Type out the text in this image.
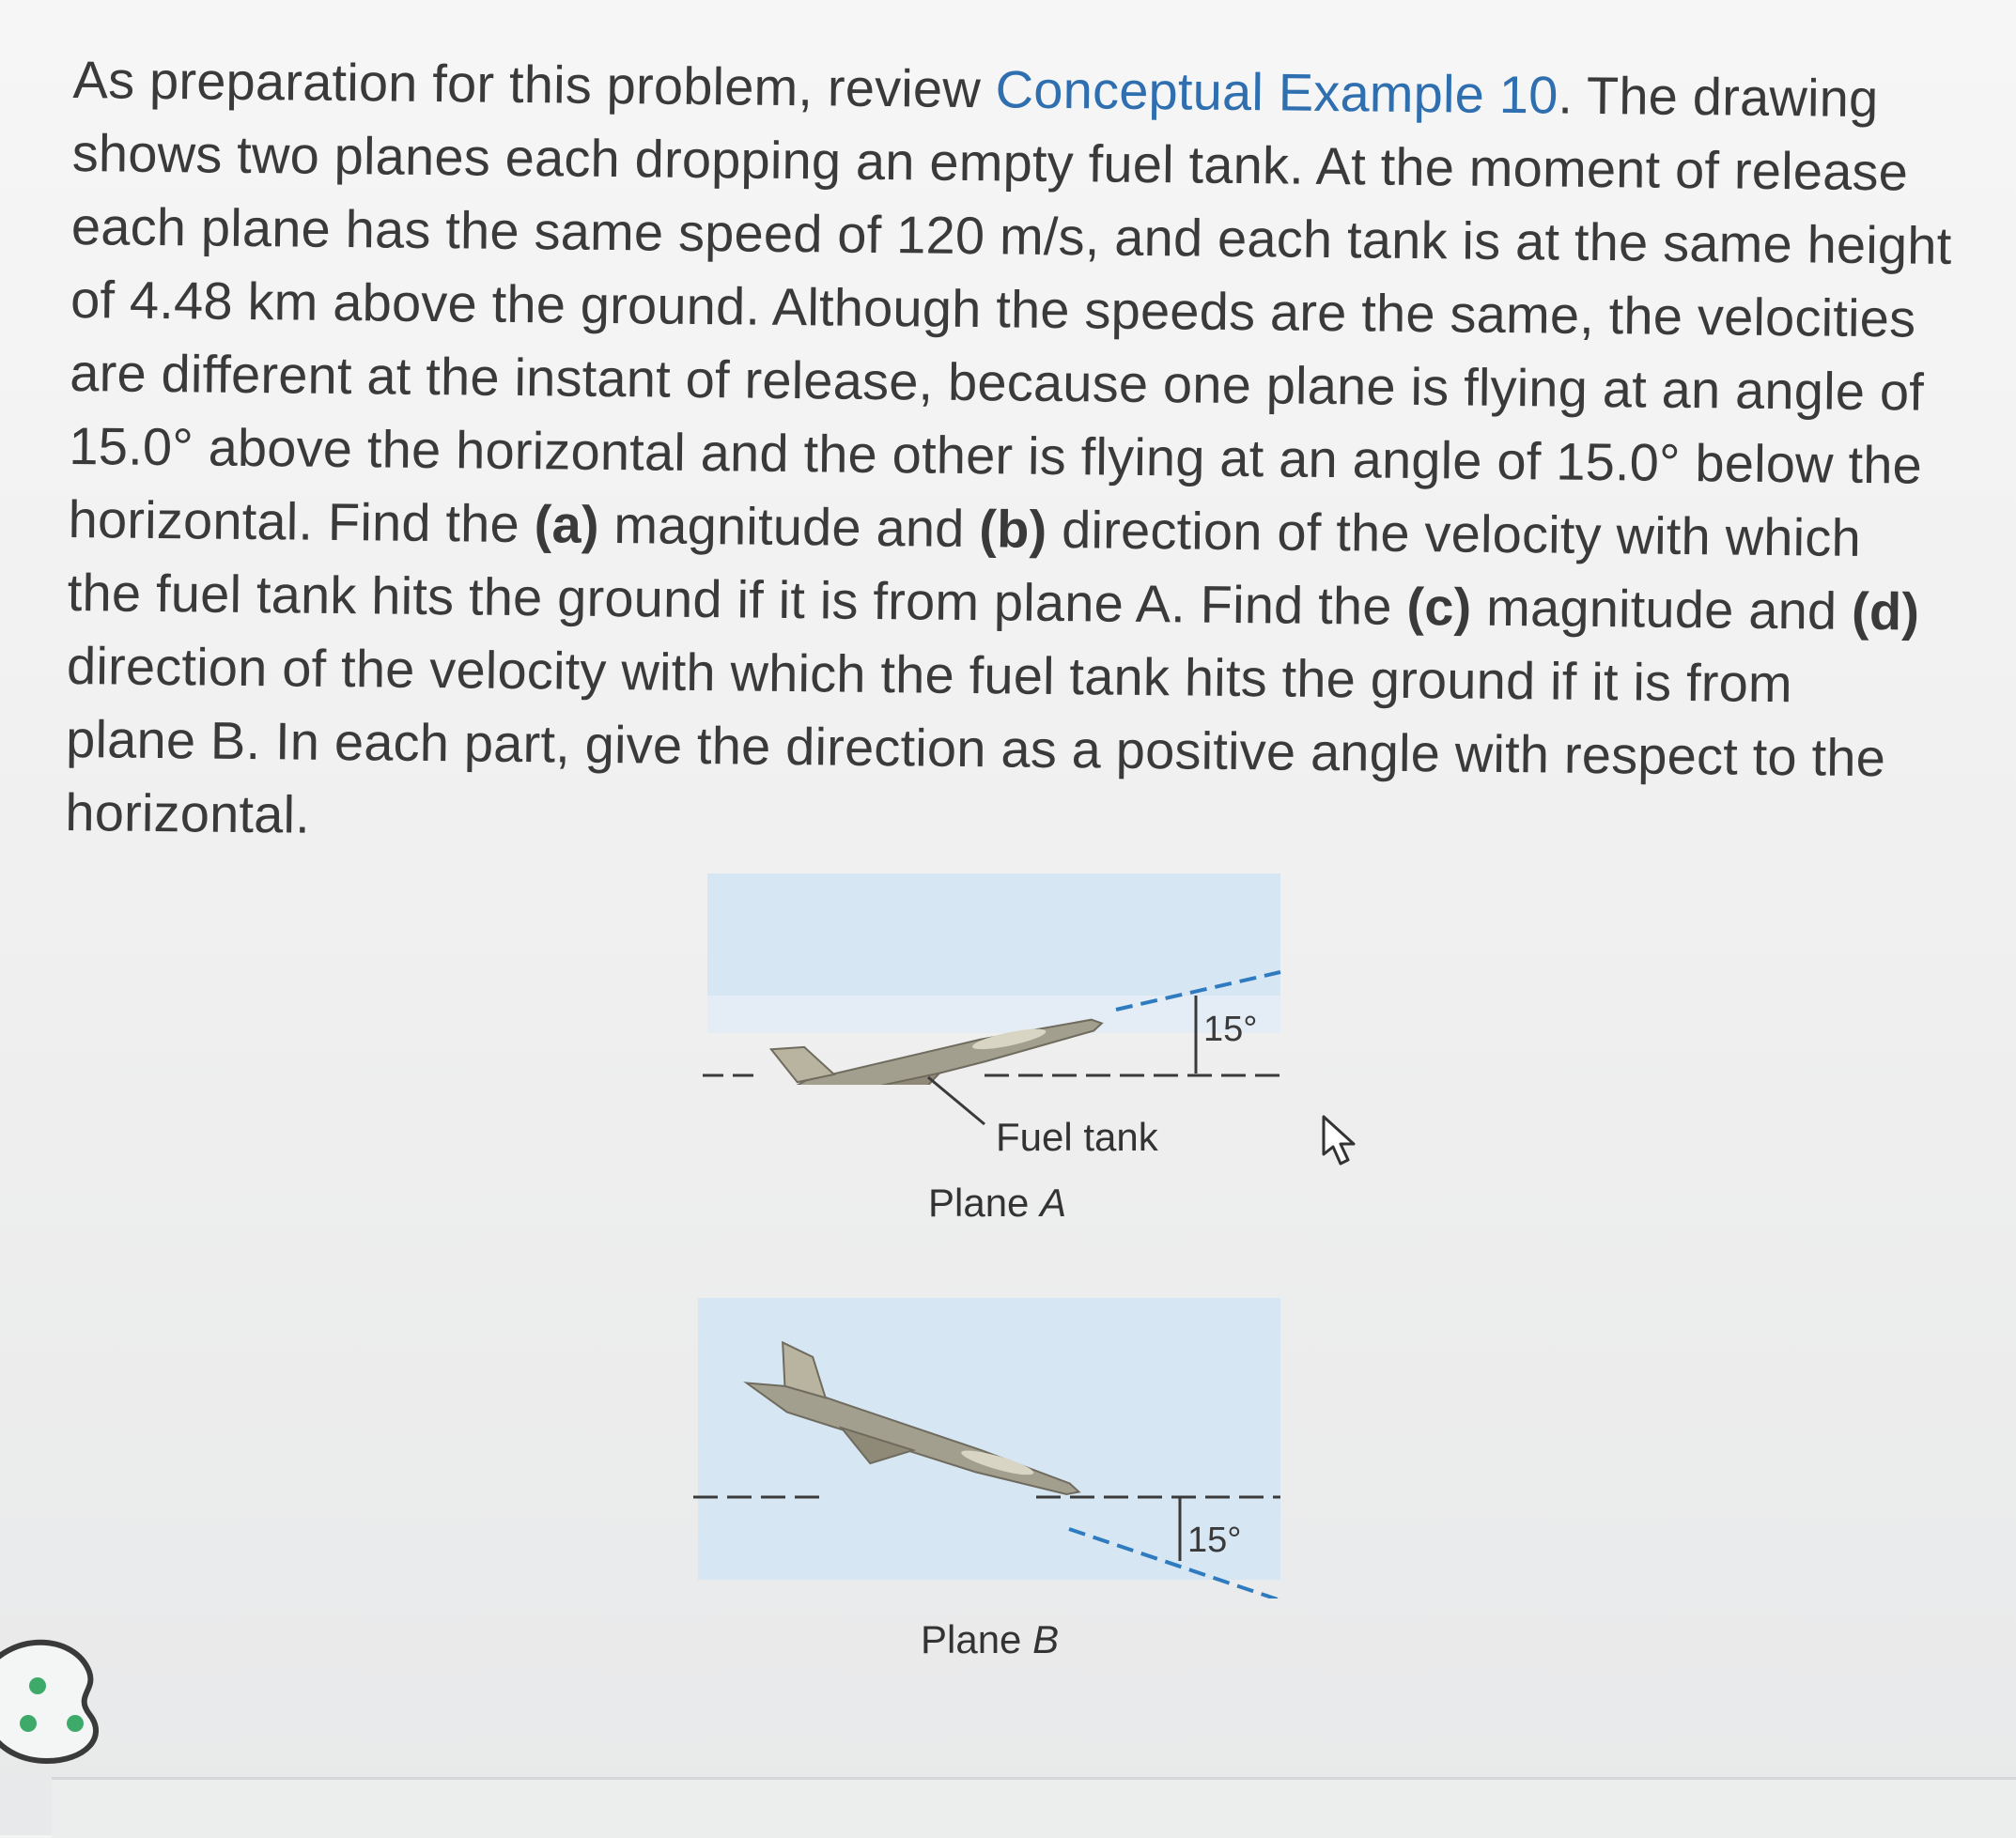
As preparation for this problem, review Conceptual Example 10. The drawing
shows two planes each dropping an empty fuel tank. At the moment of release
each plane has the same speed of 120 m/s, and each tank is at the same height
of 4.48 km above the ground. Although the speeds are the same, the velocities
are different at the instant of release, because one plane is flying at an angle of
15.0° above the horizontal and the other is flying at an angle of 15.0° below the
horizontal. Find the (a) magnitude and (b) direction of the velocity with which
the fuel tank hits the ground if it is from plane A. Find the (c) magnitude and (d)
direction of the velocity with which the fuel tank hits the ground if it is from
plane B. In each part, give the direction as a positive angle with respect to the
horizontal.
15°
Fuel tank
Plane A
15°
Plane B
